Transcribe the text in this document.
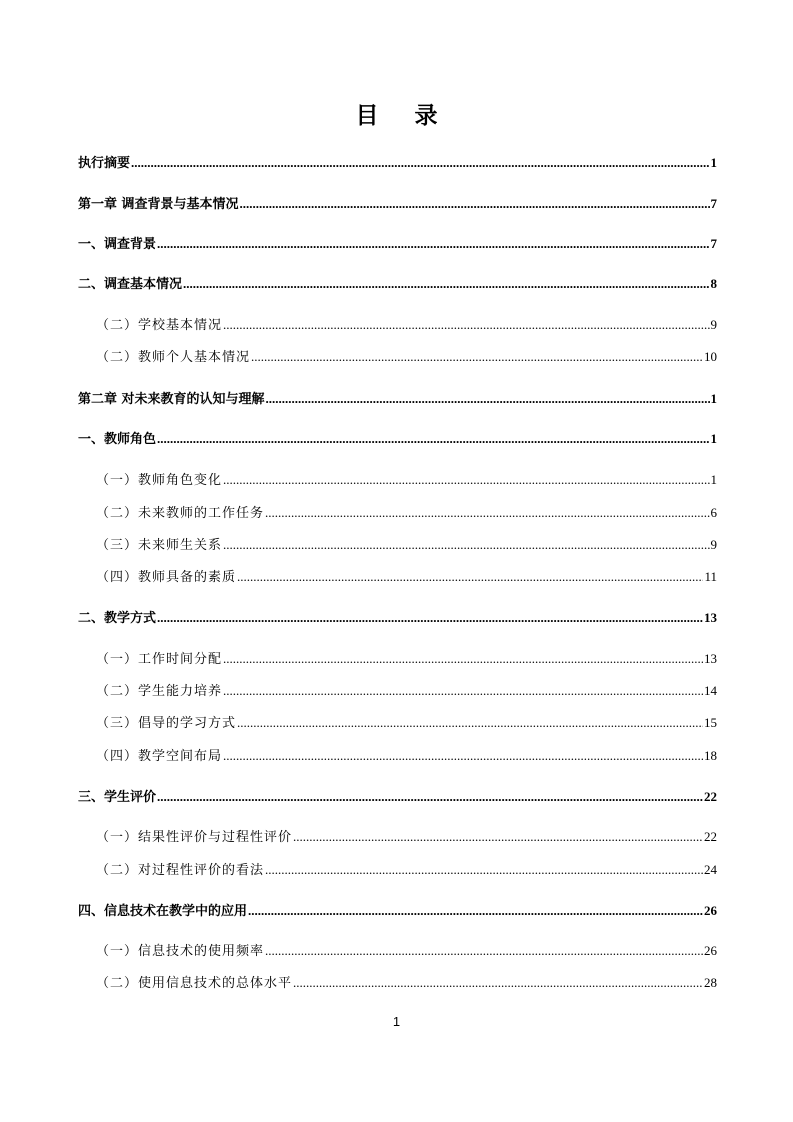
目 录
执行摘要 .....	1
第一章 调查背景与基本情况 .....	7
一、调查背景 .....	7
二、调查基本情况 .....	8
（二）学校基本情况 .....	9
（二）教师个人基本情况 .....	10
第二章 对未来教育的认知与理解 .....	1
一、教师角色 .....	1
（一）教师角色变化 .....	1
（二）未来教师的工作任务 .....	6
（三）未来师生关系 .....	9
（四）教师具备的素质 .....	11
二、教学方式 .....	13
（一）工作时间分配 .....	13
（二）学生能力培养 .....	14
（三）倡导的学习方式 .....	15
（四）教学空间布局 .....	18
三、学生评价 .....	22
（一）结果性评价与过程性评价 .....	22
（二）对过程性评价的看法 .....	24
四、信息技术在教学中的应用 .....	26
（一）信息技术的使用频率 .....	26
（二）使用信息技术的总体水平 .....	28
1
